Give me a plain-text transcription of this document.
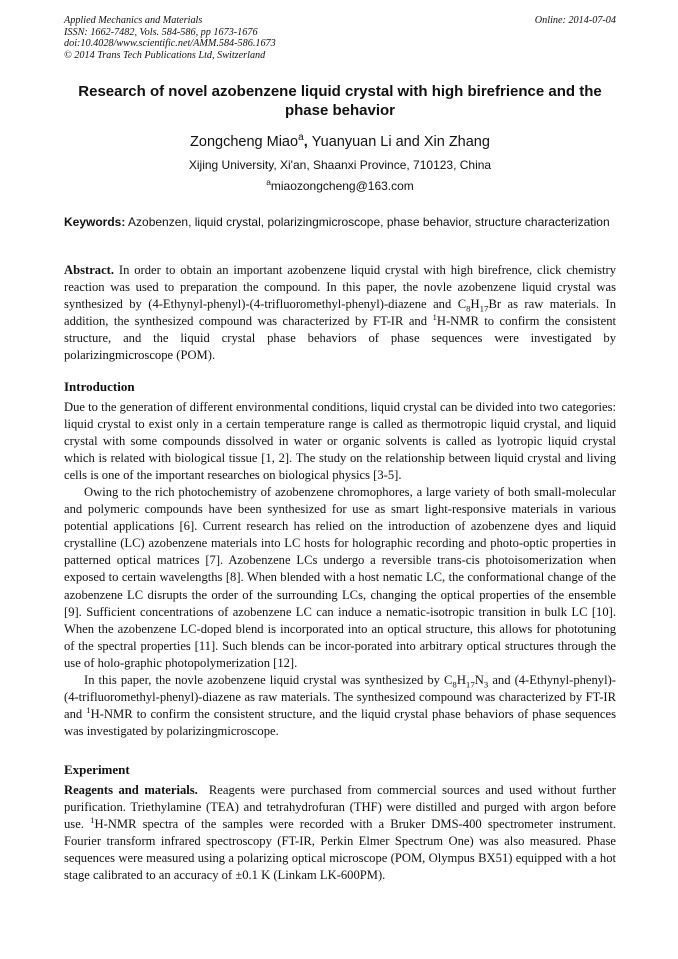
Applied Mechanics and Materials
ISSN: 1662-7482, Vols. 584-586, pp 1673-1676
doi:10.4028/www.scientific.net/AMM.584-586.1673
© 2014 Trans Tech Publications Ltd, Switzerland
Online: 2014-07-04
Research of novel azobenzene liquid crystal with high birefrience and the phase behavior
Zongcheng Miao$^a$, Yuanyuan Li and Xin Zhang
Xijing University, Xi'an, Shaanxi Province, 710123, China
$^a$miaozongcheng@163.com
Keywords: Azobenzen, liquid crystal, polarizingmicroscope, phase behavior, structure characterization
Abstract. In order to obtain an important azobenzene liquid crystal with high birefrence, click chemistry reaction was used to preparation the compound. In this paper, the novle azobenzene liquid crystal was synthesized by (4-Ethynyl-phenyl)-(4-trifluoromethyl-phenyl)-diazene and $C_8H_{17}Br$ as raw materials. In addition, the synthesized compound was characterized by FT-IR and $^1$H-NMR to confirm the consistent structure, and the liquid crystal phase behaviors of phase sequences were investigated by polarizingmicroscope (POM).
Introduction

Due to the generation of different environmental conditions, liquid crystal can be divided into two categories: liquid crystal to exist only in a certain temperature range is called as thermotropic liquid crystal, and liquid crystal with some compounds dissolved in water or organic solvents is called as lyotropic liquid crystal which is related with biological tissue [1, 2]. The study on the relationship between liquid crystal and living cells is one of the important researches on biological physics [3-5].

Owing to the rich photochemistry of azobenzene chromophores, a large variety of both small-molecular and polymeric compounds have been synthesized for use as smart light-responsive materials in various potential applications [6]. Current research has relied on the introduction of azobenzene dyes and liquid crystalline (LC) azobenzene materials into LC hosts for holographic recording and photo-optic properties in patterned optical matrices [7]. Azobenzene LCs undergo a reversible trans-cis photoisomerization when exposed to certain wavelengths [8]. When blended with a host nematic LC, the conformational change of the azobenzene LC disrupts the order of the surrounding LCs, changing the optical properties of the ensemble [9]. Sufficient concentrations of azobenzene LC can induce a nematic-isotropic transition in bulk LC [10]. When the azobenzene LC-doped blend is incorporated into an optical structure, this allows for phototuning of the spectral properties [11]. Such blends can be incor-porated into arbitrary optical structures through the use of holo-graphic photopolymerization [12].

In this paper, the novle azobenzene liquid crystal was synthesized by $C_8H_{17}N_3$ and (4-Ethynyl-phenyl)-(4-trifluoromethyl-phenyl)-diazene as raw materials. The synthesized compound was characterized by FT-IR and $^1$H-NMR to confirm the consistent structure, and the liquid crystal phase behaviors of phase sequences was investigated by polarizingmicroscope.

Experiment
Reagents and materials. Reagents were purchased from commercial sources and used without further purification. Triethylamine (TEA) and tetrahydrofuran (THF) were distilled and purged with argon before use. $^1$H-NMR spectra of the samples were recorded with a Bruker DMS-400 spectrometer instrument. Fourier transform infrared spectroscopy (FT-IR, Perkin Elmer Spectrum One) was also measured. Phase sequences were measured using a polarizing optical microscope (POM, Olympus BX51) equipped with a hot stage calibrated to an accuracy of ±0.1 K (Linkam LK-600PM).
